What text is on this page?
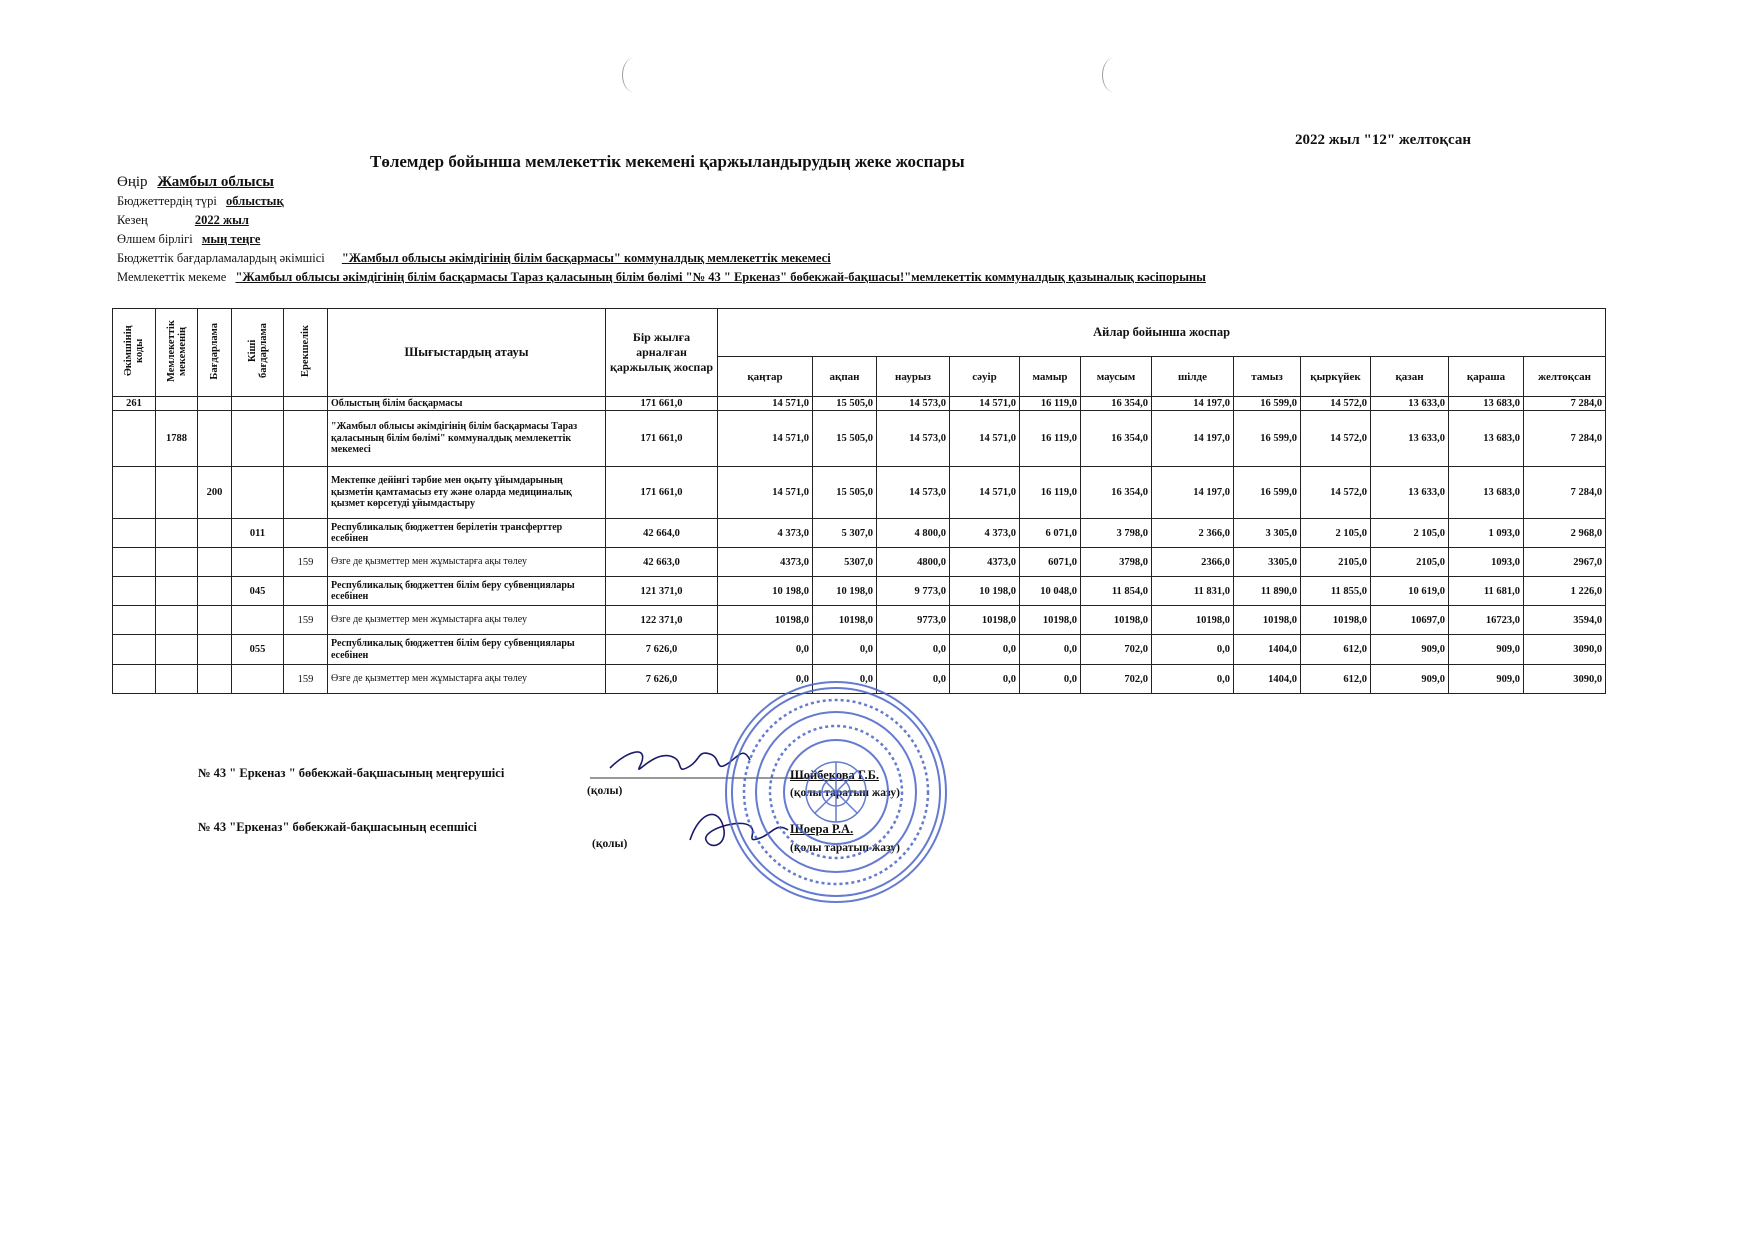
2022 жыл "12" желтоқсан
Төлемдер бойынша мемлекеттік мекемені қаржыландырудың жеке жоспары
Өңір Жамбыл облысы
Бюджеттердің түрі облыстық
Кезең	2022 жыл
Өлшем бірлігі мың теңге
Бюджеттік бағдарламалардың әкімшісі "Жамбыл облысы әкімдігінің білім басқармасы" коммуналдық мемлекеттік мекемесі
Мемлекеттік мекеме "Жамбыл облысы әкімдігінің білім басқармасы Тараз қаласының білім бөлімі "№ 43 " Еркеназ" бөбекжай-бақшасы!"мемлекеттік коммуналдық қазыналық кәсіпорыны
Әкімшінің коды	Мемлекеттік мекеменің	Бағдарлама	Кіші бағдарлама	Ерекшелік	Шығыстардың атауы	Бір жылға арналған қаржылық жоспар	Айлар бойынша жоспар											
							қаңтар	ақпан	наурыз	сәуір	мамыр	маусым	шілде	тамыз	қыркүйек	қазан	қараша	желтоқсан
261					Облыстың білім басқармасы	171 661,0	14 571,0	15 505,0	14 573,0	14 571,0	16 119,0	16 354,0	14 197,0	16 599,0	14 572,0	13 633,0	13 683,0	7 284,0
	1788				"Жамбыл облысы әкімдігінің білім басқармасы Тараз қаласының білім бөлімі" коммуналдық мемлекеттік мекемесі	171 661,0	14 571,0	15 505,0	14 573,0	14 571,0	16 119,0	16 354,0	14 197,0	16 599,0	14 572,0	13 633,0	13 683,0	7 284,0
		200			Мектепке дейінгі тәрбие мен оқыту ұйымдарының қызметін қамтамасыз ету және оларда медициналық қызмет көрсетуді ұйымдастыру	171 661,0	14 571,0	15 505,0	14 573,0	14 571,0	16 119,0	16 354,0	14 197,0	16 599,0	14 572,0	13 633,0	13 683,0	7 284,0
			011		Республикалық бюджеттен берілетін трансферттер есебінен	42 664,0	4 373,0	5 307,0	4 800,0	4 373,0	6 071,0	3 798,0	2 366,0	3 305,0	2 105,0	2 105,0	1 093,0	2 968,0
				159	Өзге де қызметтер мен жұмыстарға ақы төлеу	42 663,0	4373,0	5307,0	4800,0	4373,0	6071,0	3798,0	2366,0	3305,0	2105,0	2105,0	1093,0	2967,0
			045		Республикалық бюджеттен білім беру субвенциялары есебінен	121 371,0	10 198,0	10 198,0	9 773,0	10 198,0	10 048,0	11 854,0	11 831,0	11 890,0	11 855,0	10 619,0	11 681,0	1 226,0
				159	Өзге де қызметтер мен жұмыстарға ақы төлеу	122 371,0	10198,0	10198,0	9773,0	10198,0	10198,0	10198,0	10198,0	10198,0	10198,0	10697,0	16723,0	3594,0
			055		Республикалық бюджеттен білім беру субвенциялары есебінен	7 626,0	0,0	0,0	0,0	0,0	0,0	702,0	0,0	1404,0	612,0	909,0	909,0	3090,0
				159	Өзге де қызметтер мен жұмыстарға ақы төлеу	7 626,0	0,0	0,0	0,0	0,0	0,0	702,0	0,0	1404,0	612,0	909,0	909,0	3090,0
№ 43 " Еркеназ " бөбекжай-бақшасының меңгерушісі
(қолы)
Шойбекова Г.Б.
(қолы таратып жазу)
№ 43 "Еркеназ" бөбекжай-бақшасының есепшісі
(қолы)
Шоера Р.А.
(қолы таратып жазу)
